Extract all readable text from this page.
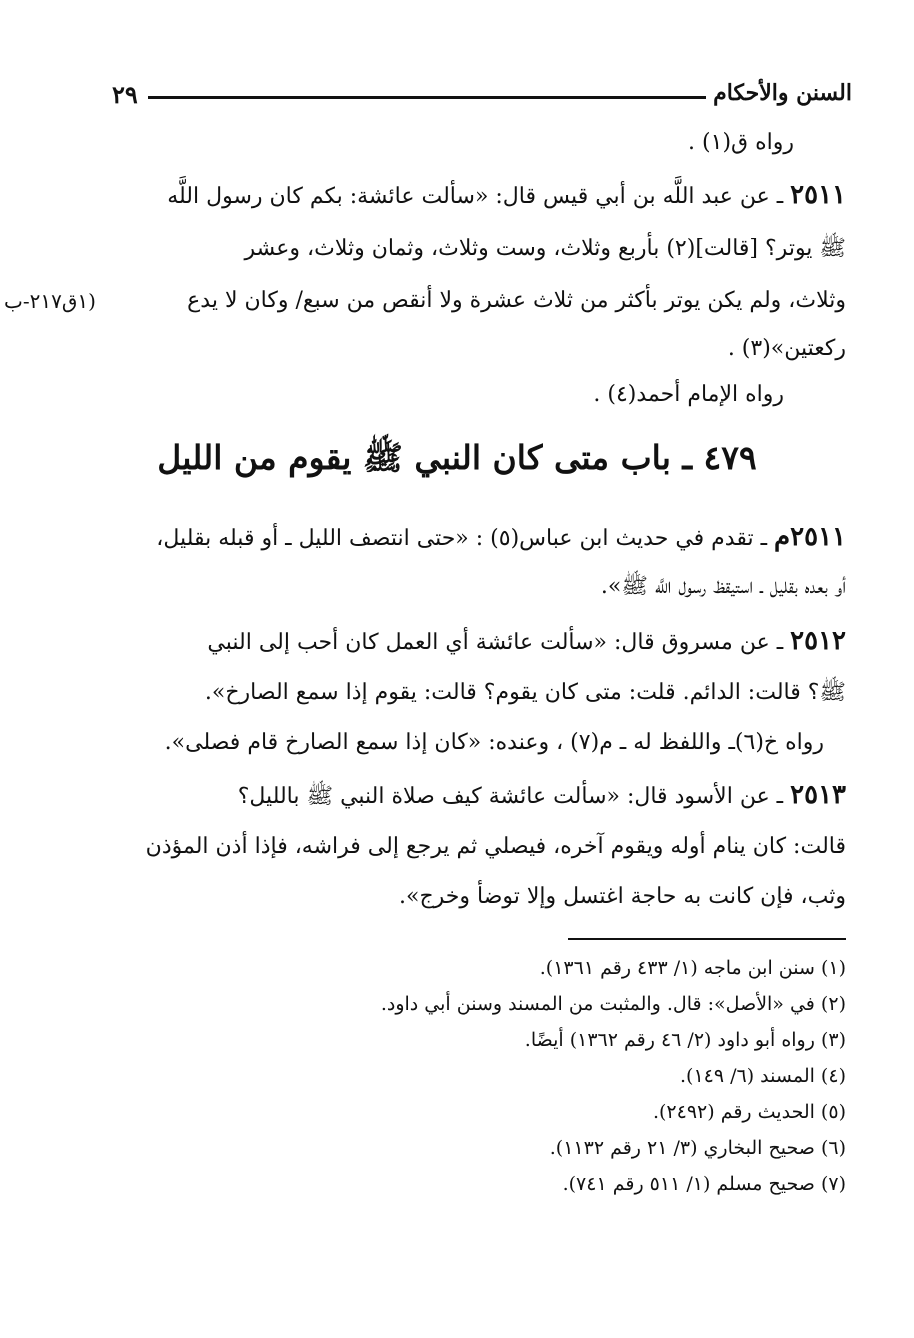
السنن والأحكام
٢٩
رواه ق(١) .
٢٥١١ ـ عن عبد اللَّه بن أبي قيس قال: «سألت عائشة: بكم كان رسول اللَّه
ﷺ يوتر؟ [قالت](٢) بأربع وثلاث، وست وثلاث، وثمان وثلاث، وعشر
وثلاث، ولم يكن يوتر بأكثر من ثلاث عشرة ولا أنقص من سبع/ وكان لا يدع
(١ق٢١٧-ب
ركعتين»(٣) .
رواه الإمام أحمد(٤) .
٤٧٩ ـ باب متى كان النبي ﷺ يقوم من الليل
٢٥١١م ـ تقدم في حديث ابن عباس(٥) : «حتى انتصف الليل ـ أو قبله بقليل،
أو بعده بقليل ـ استيقظ رسول اللَّه ﷺ».
٢٥١٢ ـ عن مسروق قال: «سألت عائشة أي العمل كان أحب إلى النبي
ﷺ؟ قالت: الدائم. قلت: متى كان يقوم؟ قالت: يقوم إذا سمع الصارخ».
رواه خ(٦)ـ واللفظ له ـ م(٧) ، وعنده: «كان إذا سمع الصارخ قام فصلى».
٢٥١٣ ـ عن الأسود قال: «سألت عائشة كيف صلاة النبي ﷺ بالليل؟
قالت: كان ينام أوله ويقوم آخره، فيصلي ثم يرجع إلى فراشه، فإذا أذن المؤذن
وثب، فإن كانت به حاجة اغتسل وإلا توضأ وخرج».
(١) سنن ابن ماجه (١/ ٤٣٣ رقم ١٣٦١).
(٢) في «الأصل»: قال. والمثبت من المسند وسنن أبي داود.
(٣) رواه أبو داود (٢/ ٤٦ رقم ١٣٦٢) أيضًا.
(٤) المسند (٦/ ١٤٩).
(٥) الحديث رقم (٢٤٩٢).
(٦) صحيح البخاري (٣/ ٢١ رقم ١١٣٢).
(٧) صحيح مسلم (١/ ٥١١ رقم ٧٤١).
